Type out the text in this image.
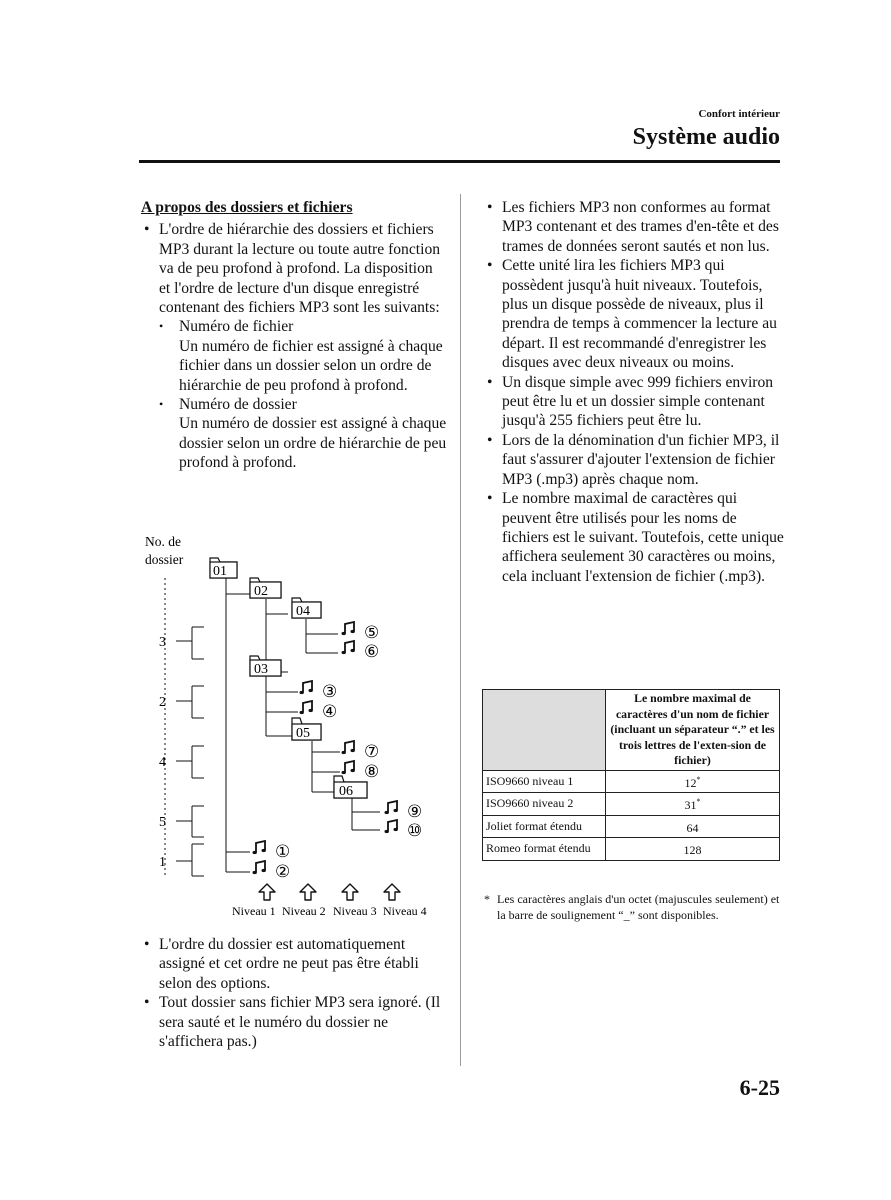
Confort intérieur
Système audio
A propos des dossiers et fichiers
• L'ordre de hiérarchie des dossiers et fichiers MP3 durant la lecture ou toute autre fonction va de peu profond à profond. La disposition et l'ordre de lecture d'un disque enregistré contenant des fichiers MP3 sont les suivants:
• Numéro de fichier
Un numéro de fichier est assigné à chaque fichier dans un dossier selon un ordre de hiérarchie de peu profond à profond.
• Numéro de dossier
Un numéro de dossier est assigné à chaque dossier selon un ordre de hiérarchie de peu profond à profond.
No. de
dossier
3
2
4
5
1
01
02
04
03
05
06
⑤
⑥
③
④
⑦
⑧
⑨
⑩
①
②
Niveau 1 Niveau 2 Niveau 3 Niveau 4
• L'ordre du dossier est automatiquement assigné et cet ordre ne peut pas être établi selon des options.
• Tout dossier sans fichier MP3 sera ignoré. (Il sera sauté et le numéro du dossier ne s'affichera pas.)
• Les fichiers MP3 non conformes au format MP3 contenant et des trames d'en-tête et des trames de données seront sautés et non lus.
• Cette unité lira les fichiers MP3 qui possèdent jusqu'à huit niveaux. Toutefois, plus un disque possède de niveaux, plus il prendra de temps à commencer la lecture au départ. Il est recommandé d'enregistrer les disques avec deux niveaux ou moins.
• Un disque simple avec 999 fichiers environ peut être lu et un dossier simple contenant jusqu'à 255 fichiers peut être lu.
• Lors de la dénomination d'un fichier MP3, il faut s'assurer d'ajouter l'extension de fichier MP3 (.mp3) après chaque nom.
• Le nombre maximal de caractères qui peuvent être utilisés pour les noms de fichiers est le suivant. Toutefois, cette unique affichera seulement 30 caractères ou moins, cela incluant l'extension de fichier (.mp3).
	Le nombre maximal de caractères d'un nom de fichier
(incluant un séparateur “.” et les trois lettres de l'exten-sion de fichier)
ISO9660 niveau 1	12*
ISO9660 niveau 2	31*
Joliet format étendu	64
Romeo format étendu	128
* Les caractères anglais d'un octet (majuscules seulement) et la barre de soulignement “_” sont disponibles.
6-25
